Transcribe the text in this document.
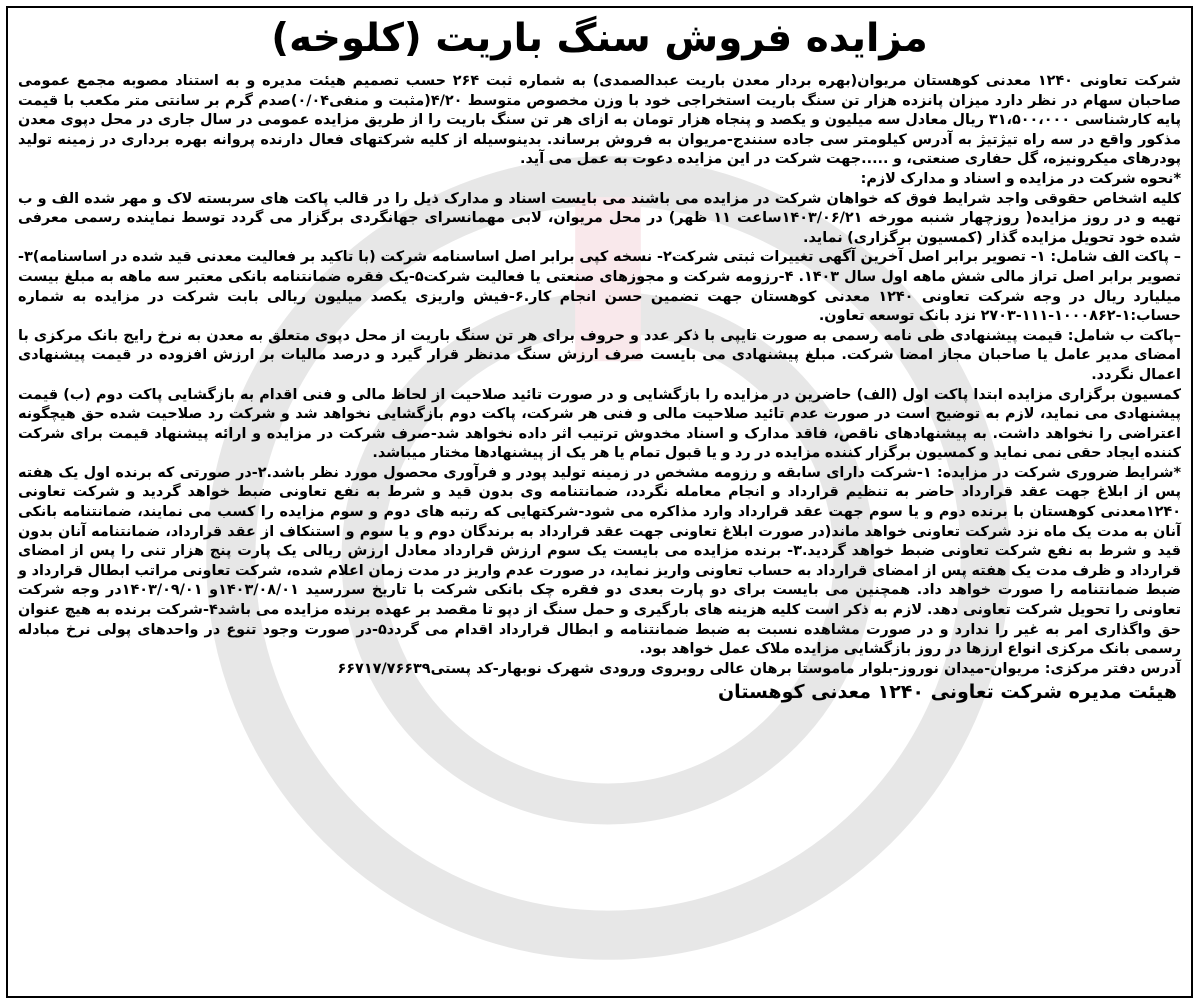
مزایده فروش سنگ باریت (کلوخه)

شرکت تعاونی ۱۲۴۰ معدنی کوهستان مریوان(بهره بردار معدن باریت عبدالصمدی) به شماره ثبت ۲۶۴ حسب تصمیم هیئت مدیره و به استناد مصوبه مجمع عمومی صاحبان سهام در نظر دارد میزان پانزده هزار تن سنگ باریت استخراجی خود با وزن مخصوص متوسط ۴/۲۰(مثبت و منفی۰/۰۴)صدم گرم بر سانتی متر مکعب با قیمت پایه کارشناسی ۳۱،۵۰۰،۰۰۰ ریال معادل سه میلیون و یکصد و پنجاه هزار تومان به ازای هر تن سنگ باریت را از طریق مزایده عمومی در سال جاری در محل دپوی معدن مذکور واقع در سه راه تیژتیژ به آدرس کیلومتر سی جاده سنندج-مریوان به فروش برساند. بدینوسیله از کلیه شرکتهای فعال دارنده پروانه بهره برداری در زمینه تولید پودرهای میکرونیزه، گل حفاری صنعتی، و .....جهت شرکت در این مزایده دعوت به عمل می آید.

*نحوه شرکت در مزایده و اسناد و مدارک لازم:

کلیه اشخاص حقوقی واجد شرایط فوق که خواهان شرکت در مزایده می باشند می بایست اسناد و مدارک ذیل را در قالب پاکت های سربسته لاک و مهر شده الف و ب تهیه و در روز مزایده( روزچهار شنبه مورخه ۱۴۰۳/۰۶/۲۱ساعت ۱۱ ظهر) در محل مریوان، لابی مهمانسرای جهانگردی برگزار می گردد توسط نماینده رسمی معرفی شده خود تحویل مزایده گذار (کمسیون برگزاری) نماید.

– پاکت الف شامل: ۱- تصویر برابر اصل آخرین آگهی تغییرات ثبتی شرکت۲- نسخه کپی برابر اصل اساسنامه شرکت (با تاکید بر فعالیت معدنی قید شده در اساسنامه)۳-تصویر برابر اصل تراز مالی شش ماهه اول سال ۱۴۰۳. ۴-رزومه شرکت و مجوزهای صنعتی یا فعالیت شرکت۵-یک فقره ضمانتنامه بانکی معتبر سه ماهه به مبلغ بیست میلیارد ریال در وجه شرکت تعاونی ۱۲۴۰ معدنی کوهستان جهت تضمین حسن انجام کار.۶-فیش واریزی یکصد میلیون ریالی بابت شرکت در مزایده به شماره حساب:۱-۱۰۰۰۸۶۲-۱۱۱-۲۷۰۳ نزد بانک توسعه تعاون.

–پاکت ب شامل: قیمت پیشنهادی طی نامه رسمی به صورت تایپی با ذکر عدد و حروف برای هر تن سنگ باریت از محل دپوی متعلق به معدن به نرخ رایج بانک مرکزی با امضای مدیر عامل یا صاحبان مجاز امضا شرکت. مبلغ پیشنهادی می بایست صرف ارزش سنگ مدنظر قرار گیرد و درصد مالیات بر ارزش افزوده در قیمت پیشنهادی اعمال نگردد.

کمسیون برگزاری مزایده ابتدا پاکت اول (الف) حاضرین در مزایده را بازگشایی و در صورت تائید صلاحیت از لحاظ مالی و فنی اقدام به بازگشایی پاکت دوم (ب) قیمت پیشنهادی می نماید، لازم به توضیح است در صورت عدم تائید صلاحیت مالی و فنی هر شرکت، پاکت دوم بازگشایی نخواهد شد و شرکت رد صلاحیت شده حق هیچگونه اعتراضی را نخواهد داشت. به پیشنهادهای ناقص، فاقد مدارک و اسناد مخدوش ترتیب اثر داده نخواهد شد-صرف شرکت در مزایده و ارائه پیشنهاد قیمت برای شرکت کننده ایجاد حقی نمی نماید و کمسیون برگزار کننده مزایده در رد و یا قبول تمام یا هر یک از پیشنهادها مختار میباشد.

*شرایط ضروری شرکت در مزایده: ۱-شرکت دارای سابقه و رزومه مشخص در زمینه تولید پودر و فرآوری محصول مورد نظر باشد.۲-در صورتی که برنده اول یک هفته پس از ابلاغ جهت عقد قرارداد حاضر به تنظیم قرارداد و انجام معامله نگردد، ضمانتنامه وی بدون قید و شرط به نفع تعاونی ضبط خواهد گردید و شرکت تعاونی ۱۲۴۰معدنی کوهستان با برنده دوم و یا سوم جهت عقد قرارداد وارد مذاکره می شود-شرکتهایی که رتبه های دوم و سوم مزایده را کسب می نمایند، ضمانتنامه بانکی آنان به مدت یک ماه نزد شرکت تعاونی خواهد ماند(در صورت ابلاغ تعاونی جهت عقد قرارداد به برندگان دوم و یا سوم و استنکاف از عقد قرارداد، ضمانتنامه آنان بدون قید و شرط به نفع شرکت تعاونی ضبط خواهد گردید.۳- برنده مزایده می بایست یک سوم ارزش قرارداد معادل ارزش ریالی یک پارت پنج هزار تنی را پس از امضای قرارداد و ظرف مدت یک هفته پس از امضای قرارداد به حساب تعاونی واریز نماید، در صورت عدم واریز در مدت زمان اعلام شده، شرکت تعاونی مراتب ابطال قرارداد و ضبط ضمانتنامه را صورت خواهد داد. همچنین می بایست برای دو پارت بعدی دو فقره چک بانکی شرکت با تاریخ سررسید ۱۴۰۳/۰۸/۰۱و ۱۴۰۳/۰۹/۰۱در وجه شرکت تعاونی را تحویل شرکت تعاونی دهد. لازم به ذکر است کلیه هزینه های بارگیری و حمل سنگ از دپو تا مقصد بر عهده برنده مزایده می باشد۴-شرکت برنده به هیچ عنوان حق واگذاری امر به غیر را ندارد و در صورت مشاهده نسبت به ضبط ضمانتنامه و ابطال قرارداد اقدام می گردد۵-در صورت وجود تنوع در واحدهای پولی نرخ مبادله رسمی بانک مرکزی انواع ارزها در روز بازگشایی مزایده ملاک عمل خواهد بود.

آدرس دفتر مرکزی: مریوان-میدان نوروز-بلوار ماموستا برهان عالی روبروی ورودی شهرک نوبهار-کد پستی۶۶۷۱۷/۷۶۶۳۹

هیئت مدیره شرکت تعاونی ۱۲۴۰ معدنی کوهستان
